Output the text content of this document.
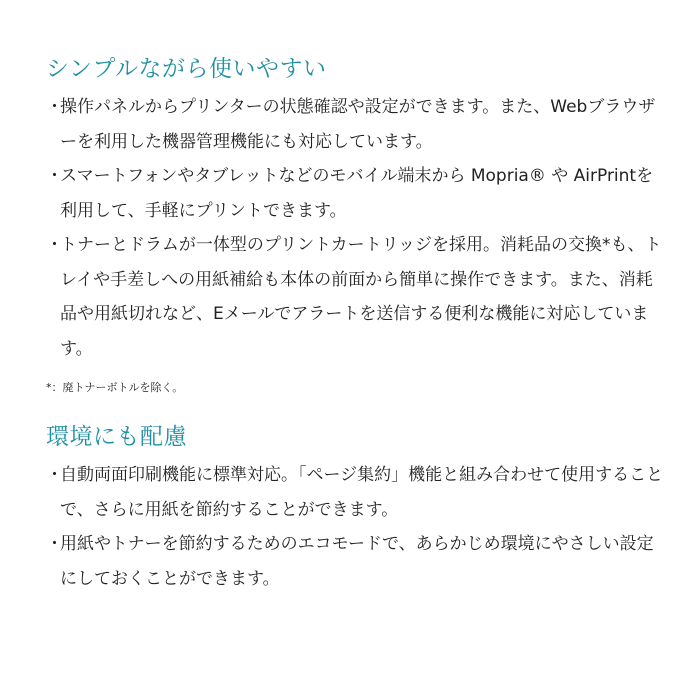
シンプルながら使いやすい
・
操作パネルからプリンターの状態確認や設定ができます。また、Webブラウザーを利用した機器管理機能にも対応しています。
・
スマートフォンやタブレットなどのモバイル端末から Mopria® や AirPrintを利用して、手軽にプリントできます。
・
トナーとドラムが一体型のプリントカートリッジを採用。消耗品の交換*も、トレイや手差しへの用紙補給も本体の前面から簡単に操作できます。また、消耗品や用紙切れなど、Eメールでアラートを送信する便利な機能に対応しています。

*：廃トナーボトルを除く。

環境にも配慮
・
自動両面印刷機能に標準対応。「ページ集約」機能と組み合わせて使用することで、さらに用紙を節約することができます。
・
用紙やトナーを節約するためのエコモードで、あらかじめ環境にやさしい設定にしておくことができます。
